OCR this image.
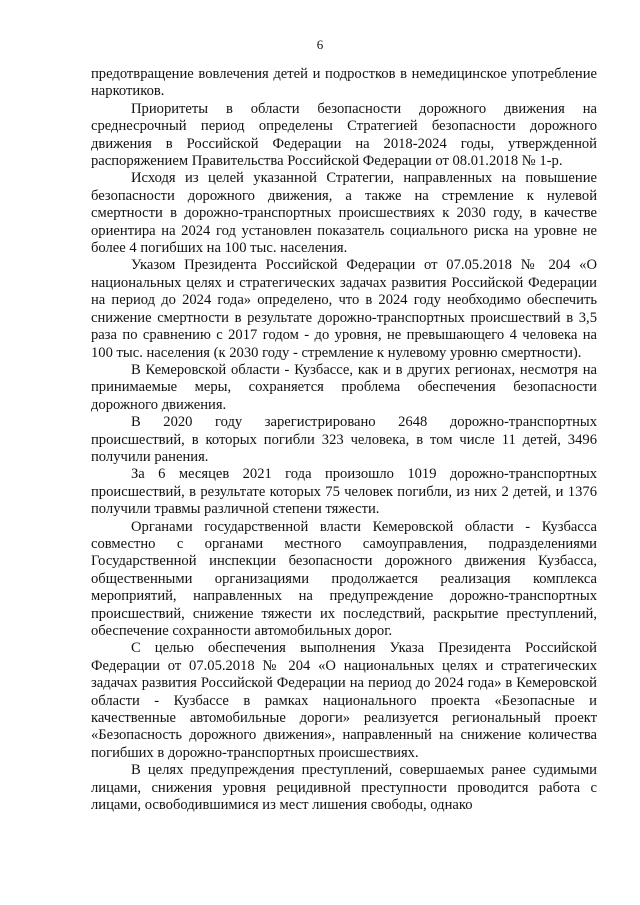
6

предотвращение вовлечения детей и подростков в немедицинское употребление наркотиков.

Приоритеты в области безопасности дорожного движения на среднесрочный период определены Стратегией безопасности дорожного движения в Российской Федерации на 2018-2024 годы, утвержденной распоряжением Правительства Российской Федерации от 08.01.2018 № 1-р.

Исходя из целей указанной Стратегии, направленных на повышение безопасности дорожного движения, а также на стремление к нулевой смертности в дорожно-транспортных происшествиях к 2030 году, в качестве ориентира на 2024 год установлен показатель социального риска на уровне не более 4 погибших на 100 тыс. населения.

Указом Президента Российской Федерации от 07.05.2018 № 204 «О национальных целях и стратегических задачах развития Российской Федерации на период до 2024 года» определено, что в 2024 году необходимо обеспечить снижение смертности в результате дорожно-транспортных происшествий в 3,5 раза по сравнению с 2017 годом - до уровня, не превышающего 4 человека на 100 тыс. населения (к 2030 году - стремление к нулевому уровню смертности).

В Кемеровской области - Кузбассе, как и в других регионах, несмотря на принимаемые меры, сохраняется проблема обеспечения безопасности дорожного движения.

В 2020 году зарегистрировано 2648 дорожно-транспортных происшествий, в которых погибли 323 человека, в том числе 11 детей, 3496 получили ранения.

За 6 месяцев 2021 года произошло 1019 дорожно-транспортных происшествий, в результате которых 75 человек погибли, из них 2 детей, и 1376 получили травмы различной степени тяжести.

Органами государственной власти Кемеровской области - Кузбасса совместно с органами местного самоуправления, подразделениями Государственной инспекции безопасности дорожного движения Кузбасса, общественными организациями продолжается реализация комплекса мероприятий, направленных на предупреждение дорожно-транспортных происшествий, снижение тяжести их последствий, раскрытие преступлений, обеспечение сохранности автомобильных дорог.

С целью обеспечения выполнения Указа Президента Российской Федерации от 07.05.2018 № 204 «О национальных целях и стратегических задачах развития Российской Федерации на период до 2024 года» в Кемеровской области - Кузбассе в рамках национального проекта «Безопасные и качественные автомобильные дороги» реализуется региональный проект «Безопасность дорожного движения», направленный на снижение количества погибших в дорожно-транспортных происшествиях.

В целях предупреждения преступлений, совершаемых ранее судимыми лицами, снижения уровня рецидивной преступности проводится работа с лицами, освободившимися из мест лишения свободы, однако
